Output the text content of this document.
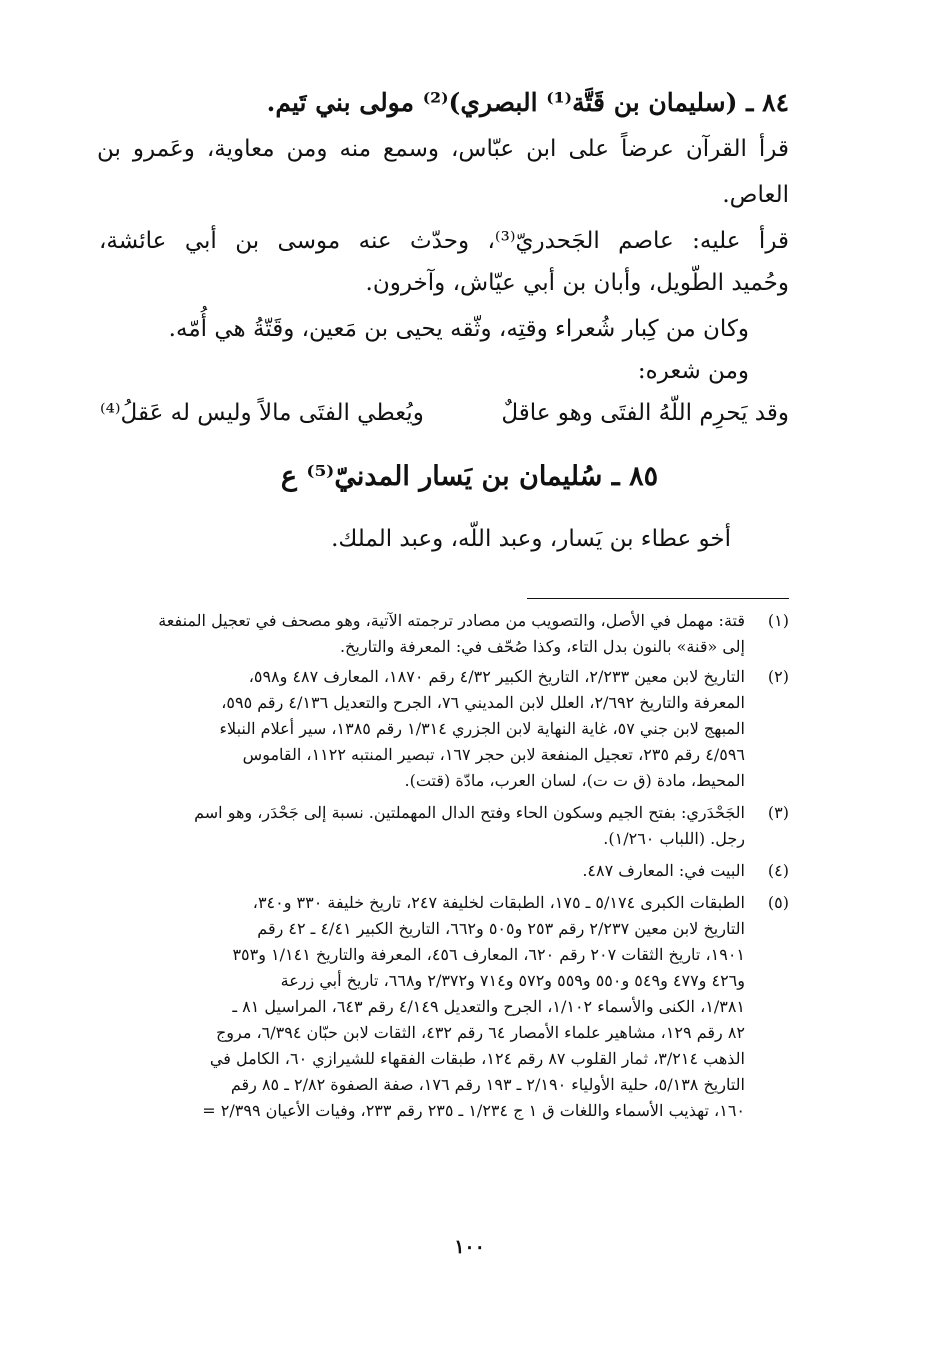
٨٤ ـ (سليمان بن قَتَّة⁽¹⁾ البصري)⁽²⁾ مولى بني تَيم.
قرأ القرآن عرضاً على ابن عبّاس، وسمع منه ومن معاوية، وعَمرو بن
العاص.
قرأ عليه: عاصم الجَحدريّ⁽³⁾، وحدّث عنه موسى بن أبي عائشة،
وحُميد الطّويل، وأبان بن أبي عيّاش، وآخرون.
وكان من كِبار شُعراء وقتِه، وثّقه يحيى بن مَعين، وقَتّةُ هي أُمّه.
ومن شعره:
وقد يَحرِم اللّهُ الفتَى وهو عاقلٌ
ويُعطي الفتَى مالاً وليس له عَقلُ⁽⁴⁾
٨٥ ـ سُليمان بن يَسار المدنيّ⁽⁵⁾ ع
أخو عطاء بن يَسار، وعبد اللّه، وعبد الملك.
(١)
قتة: مهمل في الأصل، والتصويب من مصادر ترجمته الآتية، وهو مصحف في تعجيل المنفعة
إلى «قنة» بالنون بدل التاء، وكذا صُحّف في: المعرفة والتاريخ.
(٢)
التاريخ لابن معين ٢/٢٣٣، التاريخ الكبير ٤/٣٢ رقم ١٨٧٠، المعارف ٤٨٧ و٥٩٨،
المعرفة والتاريخ ٢/٦٩٢، العلل لابن المديني ٧٦، الجرح والتعديل ٤/١٣٦ رقم ٥٩٥،
المبهج لابن جني ٥٧، غاية النهاية لابن الجزري ١/٣١٤ رقم ١٣٨٥، سير أعلام النبلاء
٤/٥٩٦ رقم ٢٣٥، تعجيل المنفعة لابن حجر ١٦٧، تبصير المنتبه ١١٢٢، القاموس
المحيط، مادة (ق ت ت)، لسان العرب، مادّة (قتت).
(٣)
الجَحْدَري: بفتح الجيم وسكون الحاء وفتح الدال المهملتين. نسبة إلى جَحْدَر، وهو اسم
رجل. (اللباب ١/٢٦٠).
(٤)
البيت في: المعارف ٤٨٧.
(٥)
الطبقات الكبرى ٥/١٧٤ ـ ١٧٥، الطبقات لخليفة ٢٤٧، تاريخ خليفة ٣٣٠ و٣٤٠،
التاريخ لابن معين ٢/٢٣٧ رقم ٢٥٣ و٥٠٥ و٦٦٢، التاريخ الكبير ٤/٤١ ـ ٤٢ رقم
١٩٠١، تاريخ الثقات ٢٠٧ رقم ٦٢٠، المعارف ٤٥٦، المعرفة والتاريخ ١/١٤١ و٣٥٣
و٤٢٦ و٤٧٧ و٥٤٩ و٥٥٠ و٥٥٩ و٥٧٢ و٧١٤ و٢/٣٧٢ و٦٦٨، تاريخ أبي زرعة
١/٣٨١، الكنى والأسماء ١/١٠٢، الجرح والتعديل ٤/١٤٩ رقم ٦٤٣، المراسيل ٨١ ـ
٨٢ رقم ١٢٩، مشاهير علماء الأمصار ٦٤ رقم ٤٣٢، الثقات لابن حبّان ٦/٣٩٤، مروج
الذهب ٣/٢١٤، ثمار القلوب ٨٧ رقم ١٢٤، طبقات الفقهاء للشيرازي ٦٠، الكامل في
التاريخ ٥/١٣٨، حلية الأولياء ٢/١٩٠ ـ ١٩٣ رقم ١٧٦، صفة الصفوة ٢/٨٢ ـ ٨٥ رقم
١٦٠، تهذيب الأسماء واللغات ق ١ ج ١/٢٣٤ ـ ٢٣٥ رقم ٢٣٣، وفيات الأعيان ٢/٣٩٩ =
١٠٠
